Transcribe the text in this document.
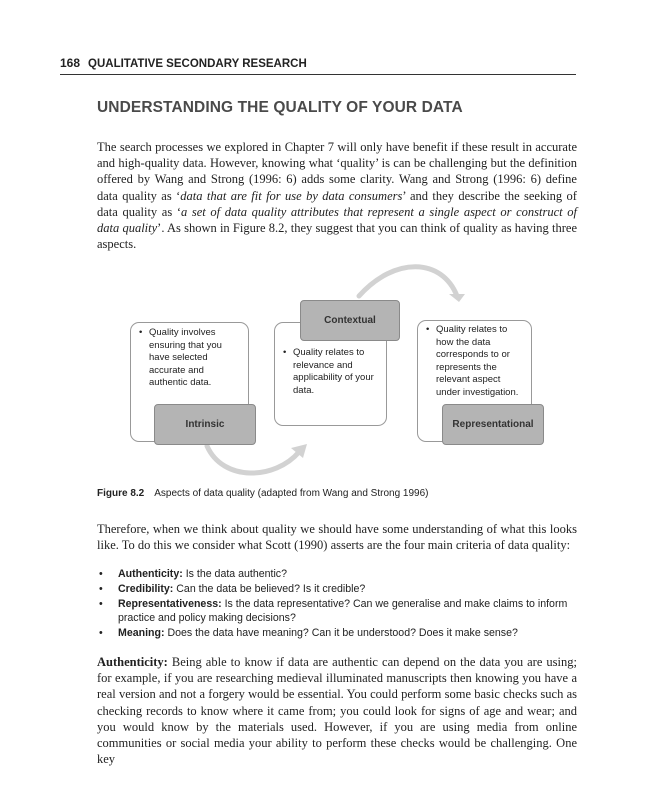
168 QUALITATIVE SECONDARY RESEARCH
UNDERSTANDING THE QUALITY OF YOUR DATA

The search processes we explored in Chapter 7 will only have benefit if these result in accurate and high-quality data. However, knowing what ‘quality’ is can be challenging but the definition offered by Wang and Strong (1996: 6) adds some clarity. Wang and Strong (1996: 6) define data quality as ‘data that are fit for use by data consumers’ and they describe the seeking of data quality as ‘a set of data quality attributes that represent a single aspect or construct of data quality’. As shown in Figure 8.2, they suggest that you can think of quality as having three aspects.

• Quality involves ensuring that you have selected accurate and authentic data.
Intrinsic
• Quality relates to relevance and applicability of your data.
Contextual
• Quality relates to how the data corresponds to or represents the relevant aspect under investigation.
Representational
Figure 8.2 Aspects of data quality (adapted from Wang and Strong 1996)

Therefore, when we think about quality we should have some understanding of what this looks like. To do this we consider what Scott (1990) asserts are the four main criteria of data quality:

• Authenticity: Is the data authentic?
• Credibility: Can the data be believed? Is it credible?
• Representativeness: Is the data representative? Can we generalise and make claims to inform practice and policy making decisions?
• Meaning: Does the data have meaning? Can it be understood? Does it make sense?

Authenticity: Being able to know if data are authentic can depend on the data you are using; for example, if you are researching medieval illuminated manuscripts then knowing you have a real version and not a forgery would be essential. You could perform some basic checks such as checking records to know where it came from; you could look for signs of age and wear; and you would know by the materials used. However, if you are using media from online communities or social media your ability to perform these checks would be challenging. One key
